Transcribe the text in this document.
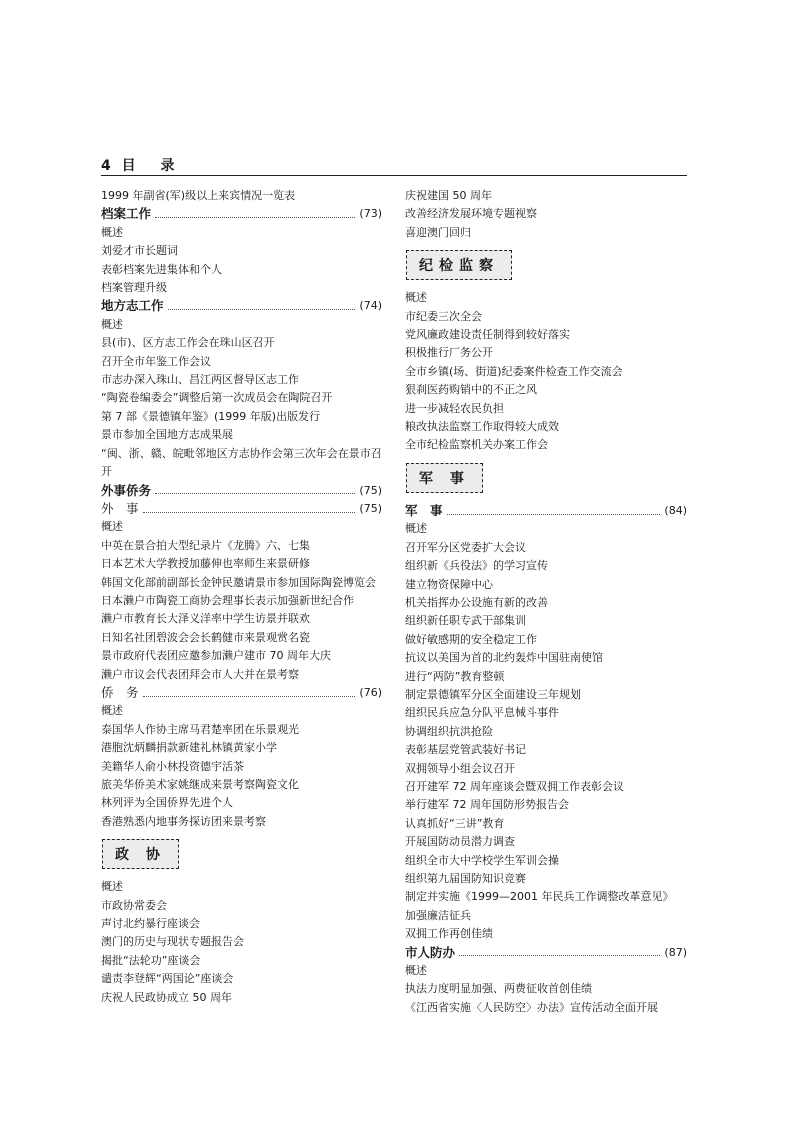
4 目 录
1999 年副省(军)级以上来宾情况一览表
档案工作	(73)
概述
刘爱才市长题词
表彰档案先进集体和个人
档案管理升级
地方志工作	(74)
概述
县(市)、区方志工作会在珠山区召开
召开全市年鉴工作会议
市志办深入珠山、昌江两区督导区志工作
“陶瓷卷编委会”调整后第一次成员会在陶院召开
第 7 部《景德镇年鉴》(1999 年版)出版发行
景市参加全国地方志成果展
“闽、浙、赣、皖毗邻地区方志协作会第三次年会在景市召开
外事侨务	(75)
外　事	(75)
概述
中英在景合拍大型纪录片《龙腾》六、七集
日本艺术大学教授加藤伸也率师生来景研修
韩国文化部前副部长金钟民邀请景市参加国际陶瓷博览会
日本濑户市陶瓷工商协会理事长表示加强新世纪合作
濑户市教育长大泽义洋率中学生访景并联欢
日知名社团碧波会会长鹤健市来景观赏名瓷
景市政府代表团应邀参加濑户建市 70 周年大庆
濑户市议会代表团拜会市人大并在景考察
侨　务	(76)
概述
泰国华人作协主席马君楚率团在乐景观光
港胞沈炳麟捐款新建礼林镇黄家小学
美籍华人俞小林投资德宇活茶
旅美华侨美术家姚继成来景考察陶瓷文化
林列评为全国侨界先进个人
香港熟悉内地事务探访团来景考察
政 协
概述
市政协常委会
声讨北约暴行座谈会
澳门的历史与现状专题报告会
揭批“法轮功”座谈会
谴责李登辉“两国论”座谈会
庆祝人民政协成立 50 周年
庆祝建国 50 周年
改善经济发展环境专题视察
喜迎澳门回归
纪检监察
概述
市纪委三次全会
党风廉政建设责任制得到较好落实
积极推行厂务公开
全市乡镇(场、街道)纪委案件检查工作交流会
狠刹医药购销中的不正之风
进一步减轻农民负担
粮改执法监察工作取得较大成效
全市纪检监察机关办案工作会
军 事
军　事	(84)
概述
召开军分区党委扩大会议
组织新《兵役法》的学习宣传
建立物资保障中心
机关指挥办公设施有新的改善
组织新任职专武干部集训
做好敏感期的安全稳定工作
抗议以美国为首的北约轰炸中国驻南使馆
进行“两防”教育整顿
制定景德镇军分区全面建设三年规划
组织民兵应急分队平息械斗事件
协调组织抗洪抢险
表彰基层党管武装好书记
双拥领导小组会议召开
召开建军 72 周年座谈会暨双拥工作表彰会议
举行建军 72 周年国防形势报告会
认真抓好“三讲”教育
开展国防动员潜力调查
组织全市大中学校学生军训会操
组织第九届国防知识竞赛
制定并实施《1999—2001 年民兵工作调整改革意见》
加强廉洁征兵
双拥工作再创佳绩
市人防办	(87)
概述
执法力度明显加强、两费征收首创佳绩
《江西省实施〈人民防空〉办法》宣传活动全面开展
